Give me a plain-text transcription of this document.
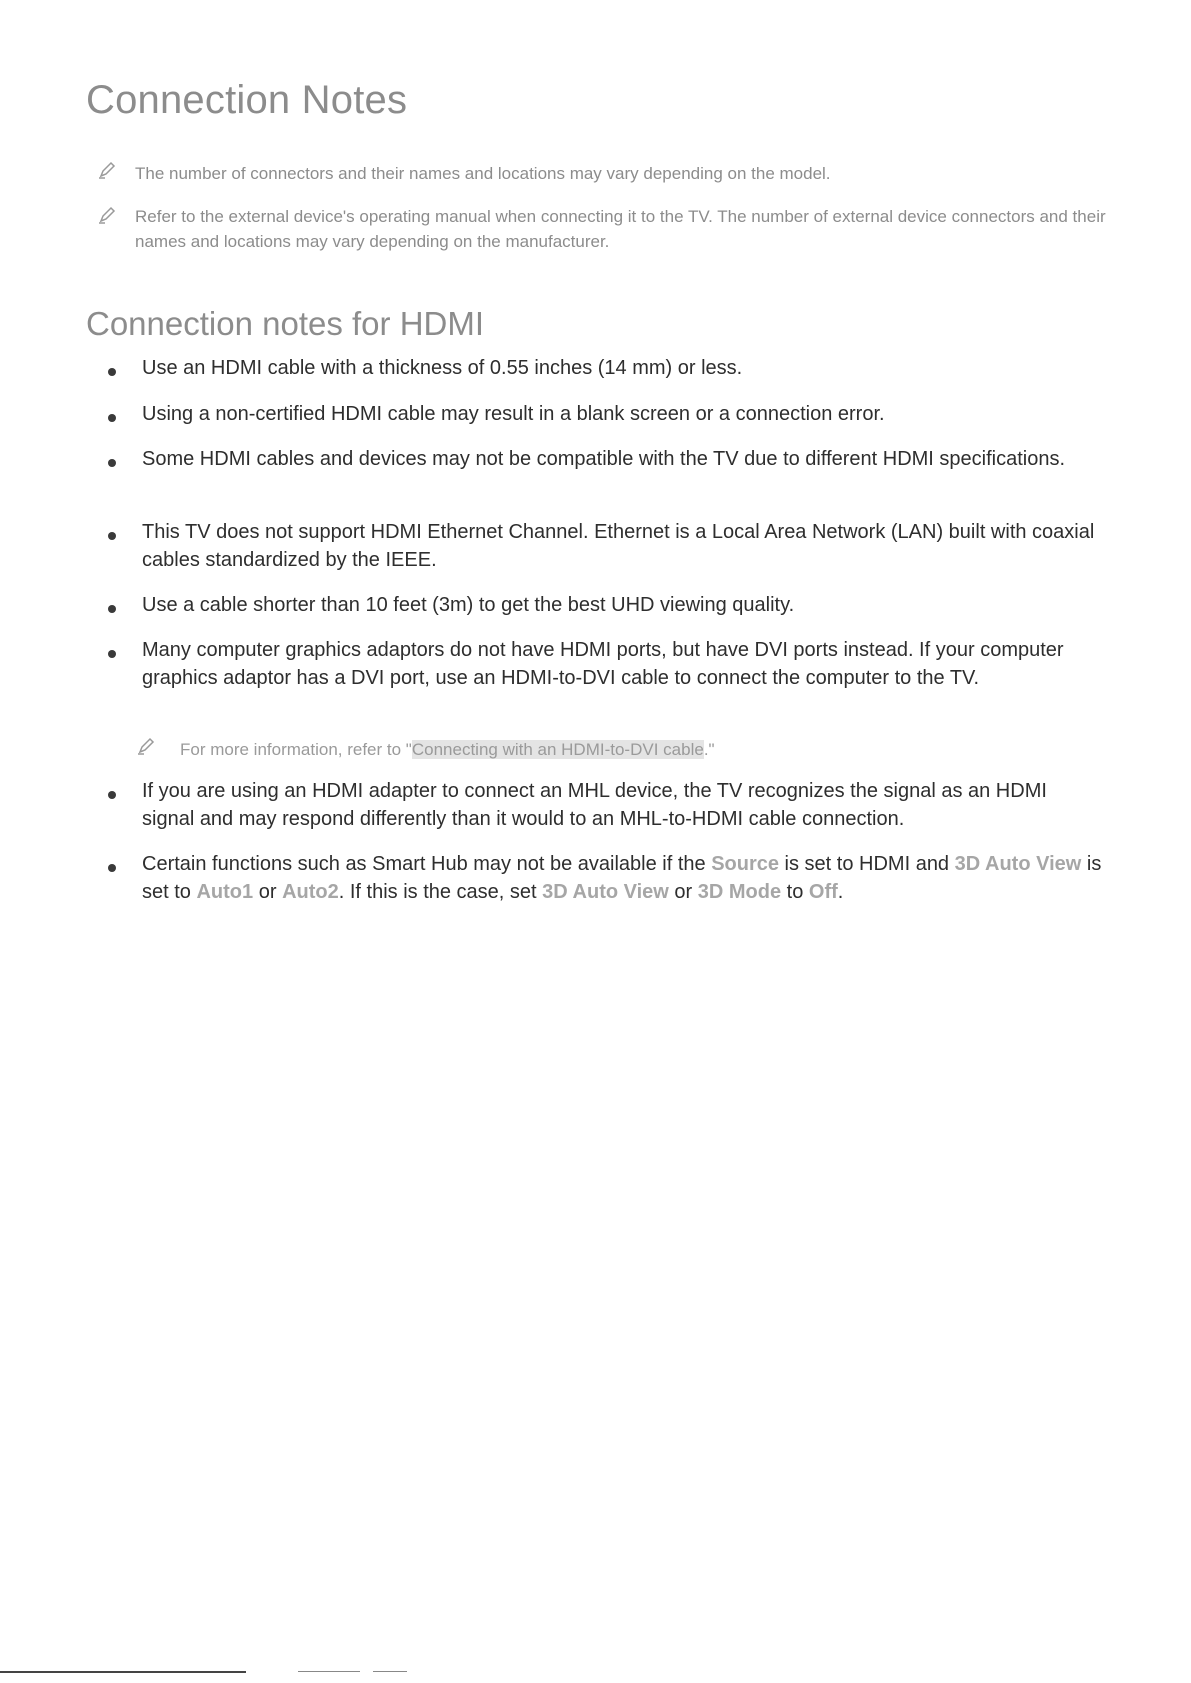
Connection Notes
The number of connectors and their names and locations may vary depending on the model.
Refer to the external device's operating manual when connecting it to the TV. The number of external device connectors and their names and locations may vary depending on the manufacturer.
Connection notes for HDMI
Use an HDMI cable with a thickness of 0.55 inches (14 mm) or less.
Using a non-certified HDMI cable may result in a blank screen or a connection error.
Some HDMI cables and devices may not be compatible with the TV due to different HDMI specifications.
This TV does not support HDMI Ethernet Channel. Ethernet is a Local Area Network (LAN) built with coaxial cables standardized by the IEEE.
Use a cable shorter than 10 feet (3m) to get the best UHD viewing quality.
Many computer graphics adaptors do not have HDMI ports, but have DVI ports instead. If your computer graphics adaptor has a DVI port, use an HDMI-to-DVI cable to connect the computer to the TV.
For more information, refer to "Connecting with an HDMI-to-DVI cable."
If you are using an HDMI adapter to connect an MHL device, the TV recognizes the signal as an HDMI signal and may respond differently than it would to an MHL-to-HDMI cable connection.
Certain functions such as Smart Hub may not be available if the Source is set to HDMI and 3D Auto View is set to Auto1 or Auto2. If this is the case, set 3D Auto View or 3D Mode to Off.
